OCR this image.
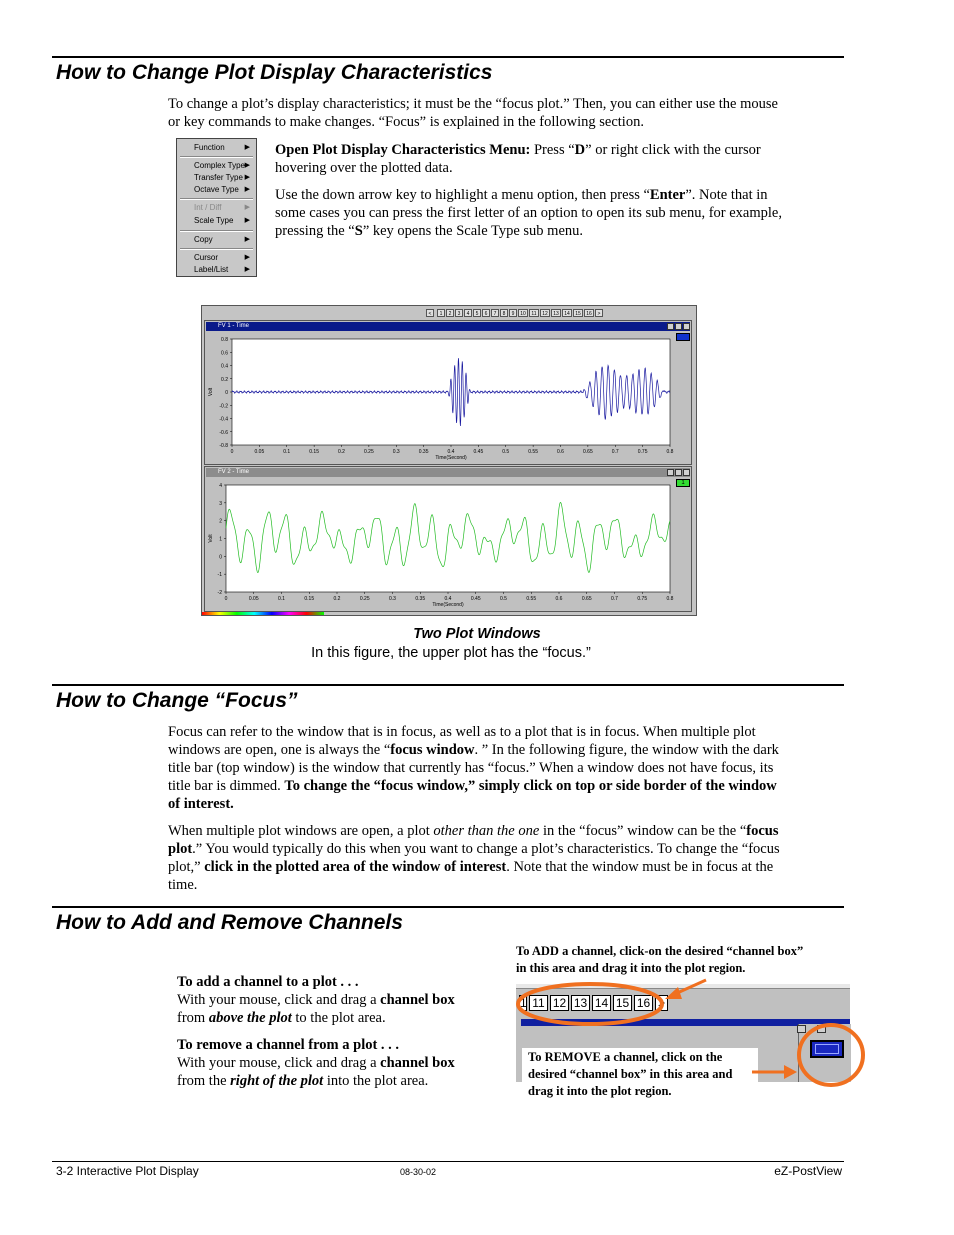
How to Change Plot Display Characteristics

To change a plot’s display characteristics; it must be the “focus plot.” Then, you can either use the mouse

or key commands to make changes. “Focus” is explained in the following section.

Function	▶
Complex Type ▶
Transfer Type ▶
Octave Type ▶
Int / Diff	▶
Scale Type ▶
Copy	▶
Cursor	▶
Label/List ▶

Open Plot Display Characteristics Menu: Press “D” or right click with the cursor

hovering over the plotted data.

Use the down arrow key to highlight a menu option, then press “Enter”. Note that in

some cases you can press the first letter of an option to open its sub menu, for example,

pressing the “S” key opens the Scale Type sub menu.

<	1	2	3	4	5	6	7	8	9	10	11	12	13	14	15	16	>
FV 1 - Time
0.8
0.6
0.4
0.2
0
-0.2
-0.4
-0.6
-0.8
0	0.05	0.1	0.15	0.2	0.25	0.3	0.35	0.4	0.45	0.5	0.55	0.6	0.65	0.7	0.75	0.8
Time(Second)
Volt
FV 2 - Time
1
4
3
2
1
0
-1
-2
0	0.05	0.1	0.15	0.2	0.25	0.3	0.35	0.4	0.45	0.5	0.55	0.6	0.65	0.7	0.75	0.8
Time(Second)
Volt
Two Plot Windows
In this figure, the upper plot has the “focus.”
How to Change “Focus”

Focus can refer to the window that is in focus, as well as to a plot that is in focus. When multiple plot

windows are open, one is always the “focus window. ” In the following figure, the window with the dark

title bar (top window) is the window that currently has “focus.” When a window does not have focus, its

title bar is dimmed. To change the “focus window,” simply click on top or side border of the window

of interest.

When multiple plot windows are open, a plot other than the one in the “focus” window can be the “focus

plot.” You would typically do this when you want to change a plot’s characteristics. To change the “focus

plot,” click in the plotted area of the window of interest. Note that the window must be in focus at the

time.

How to Add and Remove Channels

To add a channel to a plot . . .

With your mouse, click and drag a channel box

from above the plot to the plot area.

To remove a channel from a plot . . .

With your mouse, click and drag a channel box

from the right of the plot into the plot area.

To ADD a channel, click-on the desired “channel box”

in this area and drag it into the plot region.

1 11 12 13 14 15 16 >

To REMOVE a channel, click on the

desired “channel box” in this area and

drag it into the plot region.

3-2 Interactive Plot Display	08-30-02	eZ-PostView
